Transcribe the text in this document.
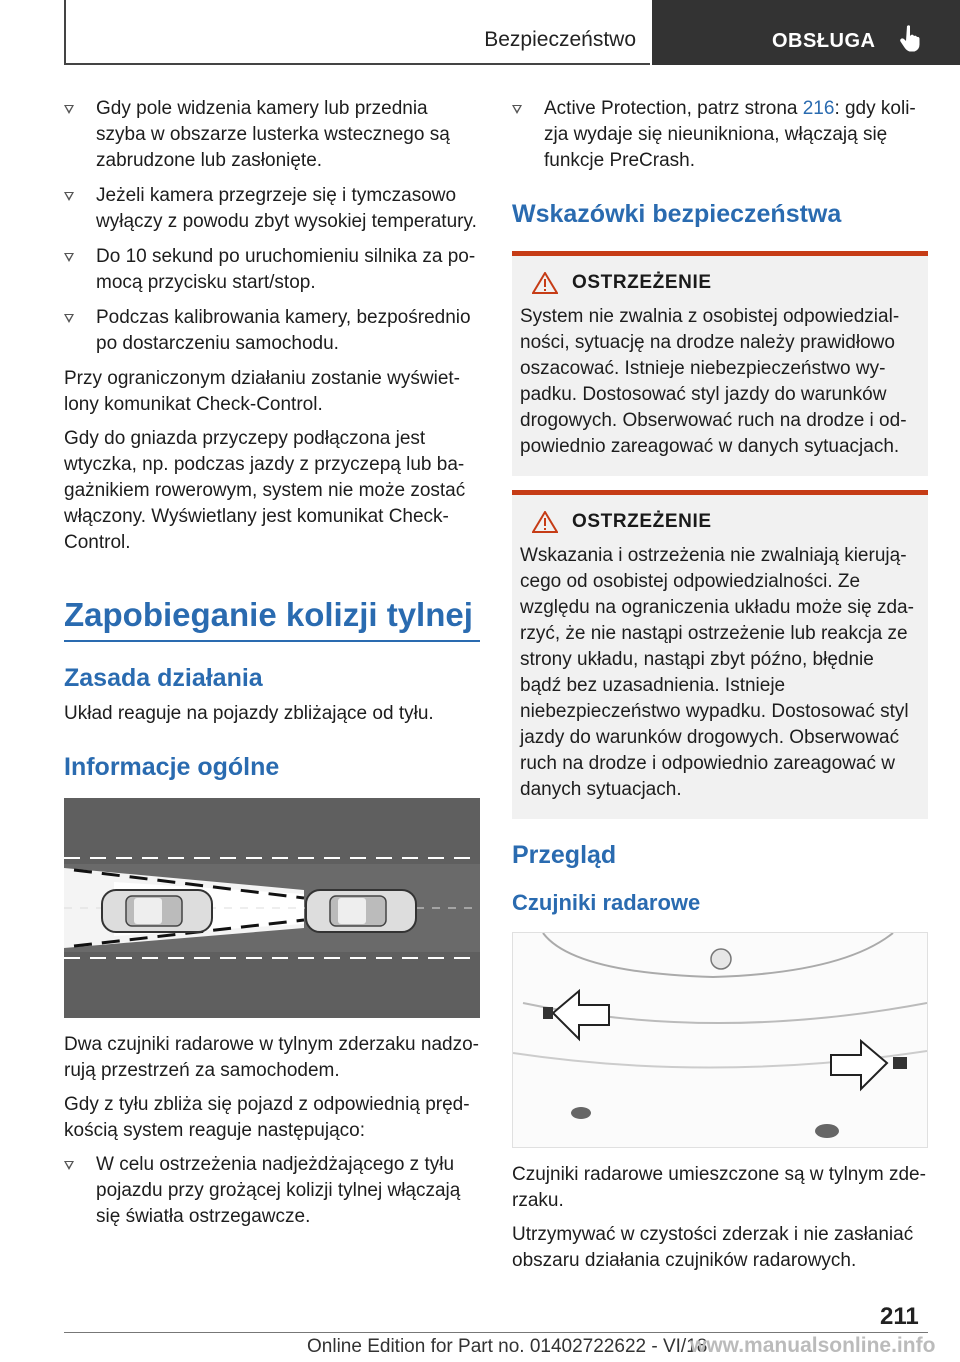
Bezpieczeństwo	OBSŁUGA
Gdy pole widzenia kamery lub przednia szyba w obszarze lusterka wstecznego są zabrudzone lub zasłonięte.
Jeżeli kamera przegrzeje się i tymczasowo wyłączy z powodu zbyt wysokiej temperatury.
Do 10 sekund po uruchomieniu silnika za pomocą przycisku start/stop.
Podczas kalibrowania kamery, bezpośrednio po dostarczeniu samochodu.

Przy ograniczonym działaniu zostanie wyświetlony komunikat Check-Control.

Gdy do gniazda przyczepy podłączona jest wtyczka, np. podczas jazdy z przyczepą lub bagażnikiem rowerowym, system nie może zostać włączony. Wyświetlany jest komunikat Check-Control.

Zapobieganie kolizji tylnej
Zasada działania

Układ reaguje na pojazdy zbliżające od tyłu.

Informacje ogólne

Dwa czujniki radarowe w tylnym zderzaku nadzorują przestrzeń za samochodem.

Gdy z tyłu zbliża się pojazd z odpowiednią prędkością system reaguje następująco:

W celu ostrzeżenia nadjeżdżającego z tyłu pojazdu przy grożącej kolizji tylnej włączają się światła ostrzegawcze.
Active Protection, patrz strona 216: gdy kolizja wydaje się nieunikniona, włączają się funkcje PreCrash.
Wskazówki bezpieczeństwa
OSTRZEŻENIE
System nie zwalnia z osobistej odpowiedzialności, sytuację na drodze należy prawidłowo oszacować. Istnieje niebezpieczeństwo wypadku. Dostosować styl jazdy do warunków drogowych. Obserwować ruch na drodze i odpowiednio zareagować w danych sytuacjach.
OSTRZEŻENIE
Wskazania i ostrzeżenia nie zwalniają kierującego od osobistej odpowiedzialności. Ze względu na ograniczenia układu może się zdarzyć, że nie nastąpi ostrzeżenie lub reakcja ze strony układu, nastąpi zbyt późno, błędnie bądź bez uzasadnienia. Istnieje niebezpieczeństwo wypadku. Dostosować styl jazdy do warunków drogowych. Obserwować ruch na drodze i odpowiednio zareagować w danych sytuacjach.
Przegląd
Czujniki radarowe

Czujniki radarowe umieszczone są w tylnym zderzaku.

Utrzymywać w czystości zderzak i nie zasłaniać obszaru działania czujników radarowych.

211
Online Edition for Part no. 01402722622 - VI/18
www.manualsonline.info
